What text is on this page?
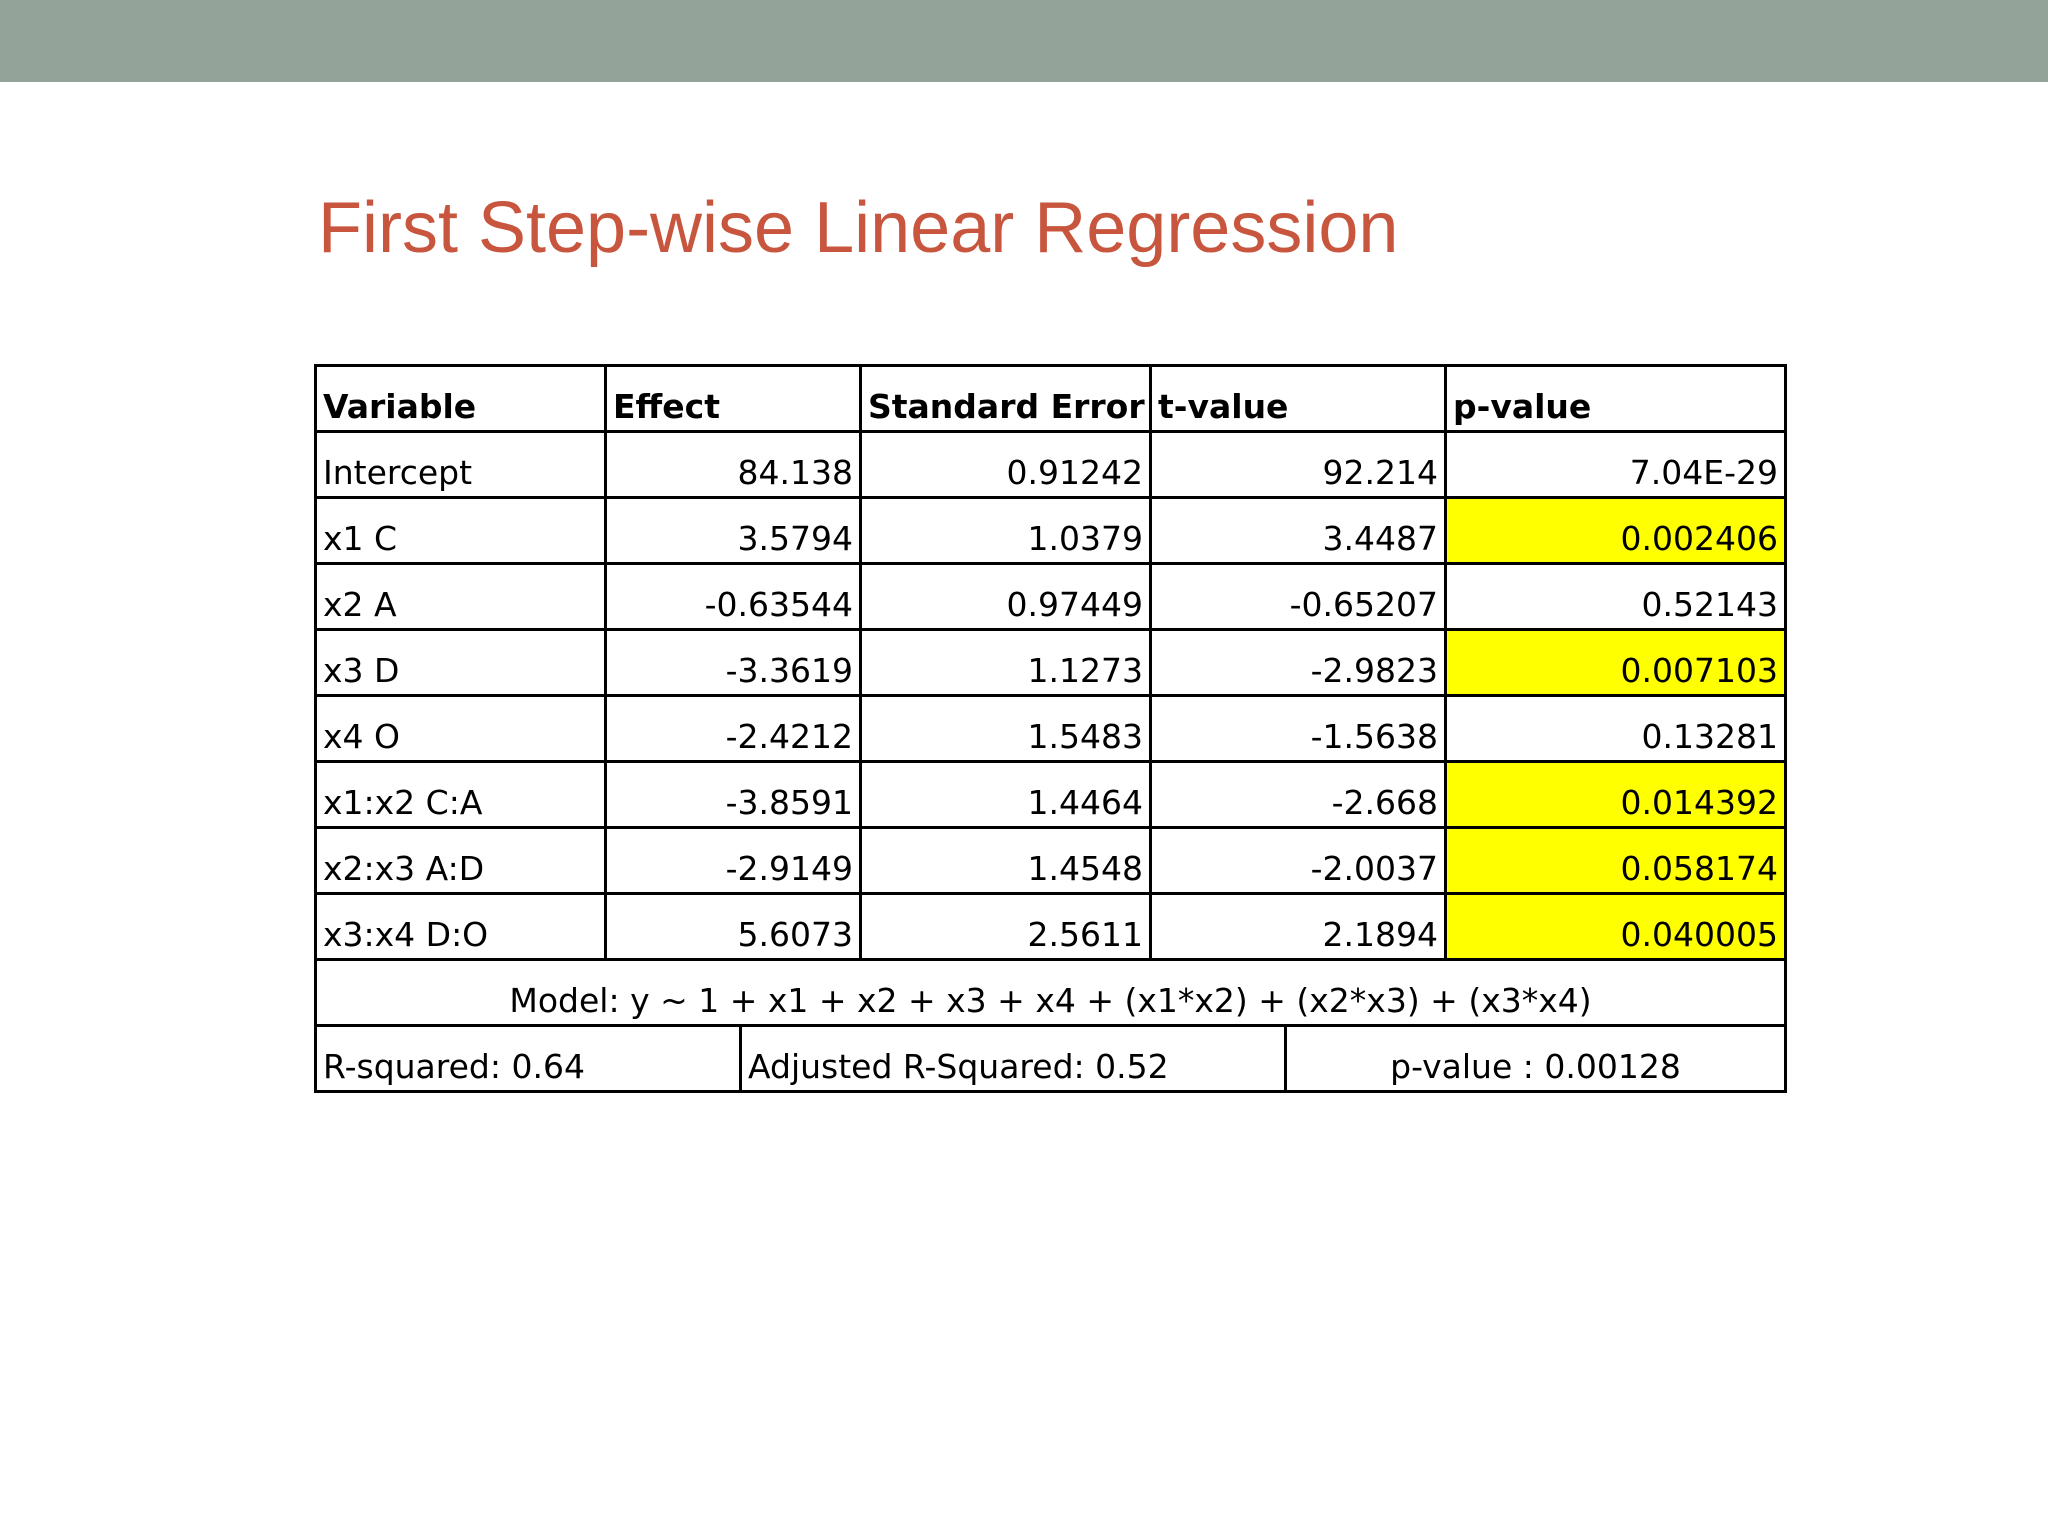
First Step-wise Linear Regression
Variable	Effect		Standard Error	t-value		p-value
Intercept	84.138		0.91242	92.214		7.04E-29
x1 C	3.5794		1.0379	3.4487		0.002406
x2 A	-0.63544		0.97449	-0.65207		0.52143
x3 D	-3.3619		1.1273	-2.9823		0.007103
x4 O	-2.4212		1.5483	-1.5638		0.13281
x1:x2 C:A	-3.8591		1.4464	-2.668		0.014392
x2:x3 A:D	-2.9149		1.4548	-2.0037		0.058174
x3:x4 D:O	5.6073		2.5611	2.1894		0.040005
Model: y ~ 1 + x1 + x2 + x3 + x4 + (x1*x2) + (x2*x3) + (x3*x4)						
R-squared: 0.64		Adjusted R-Squared: 0.52			p-value : 0.00128	
